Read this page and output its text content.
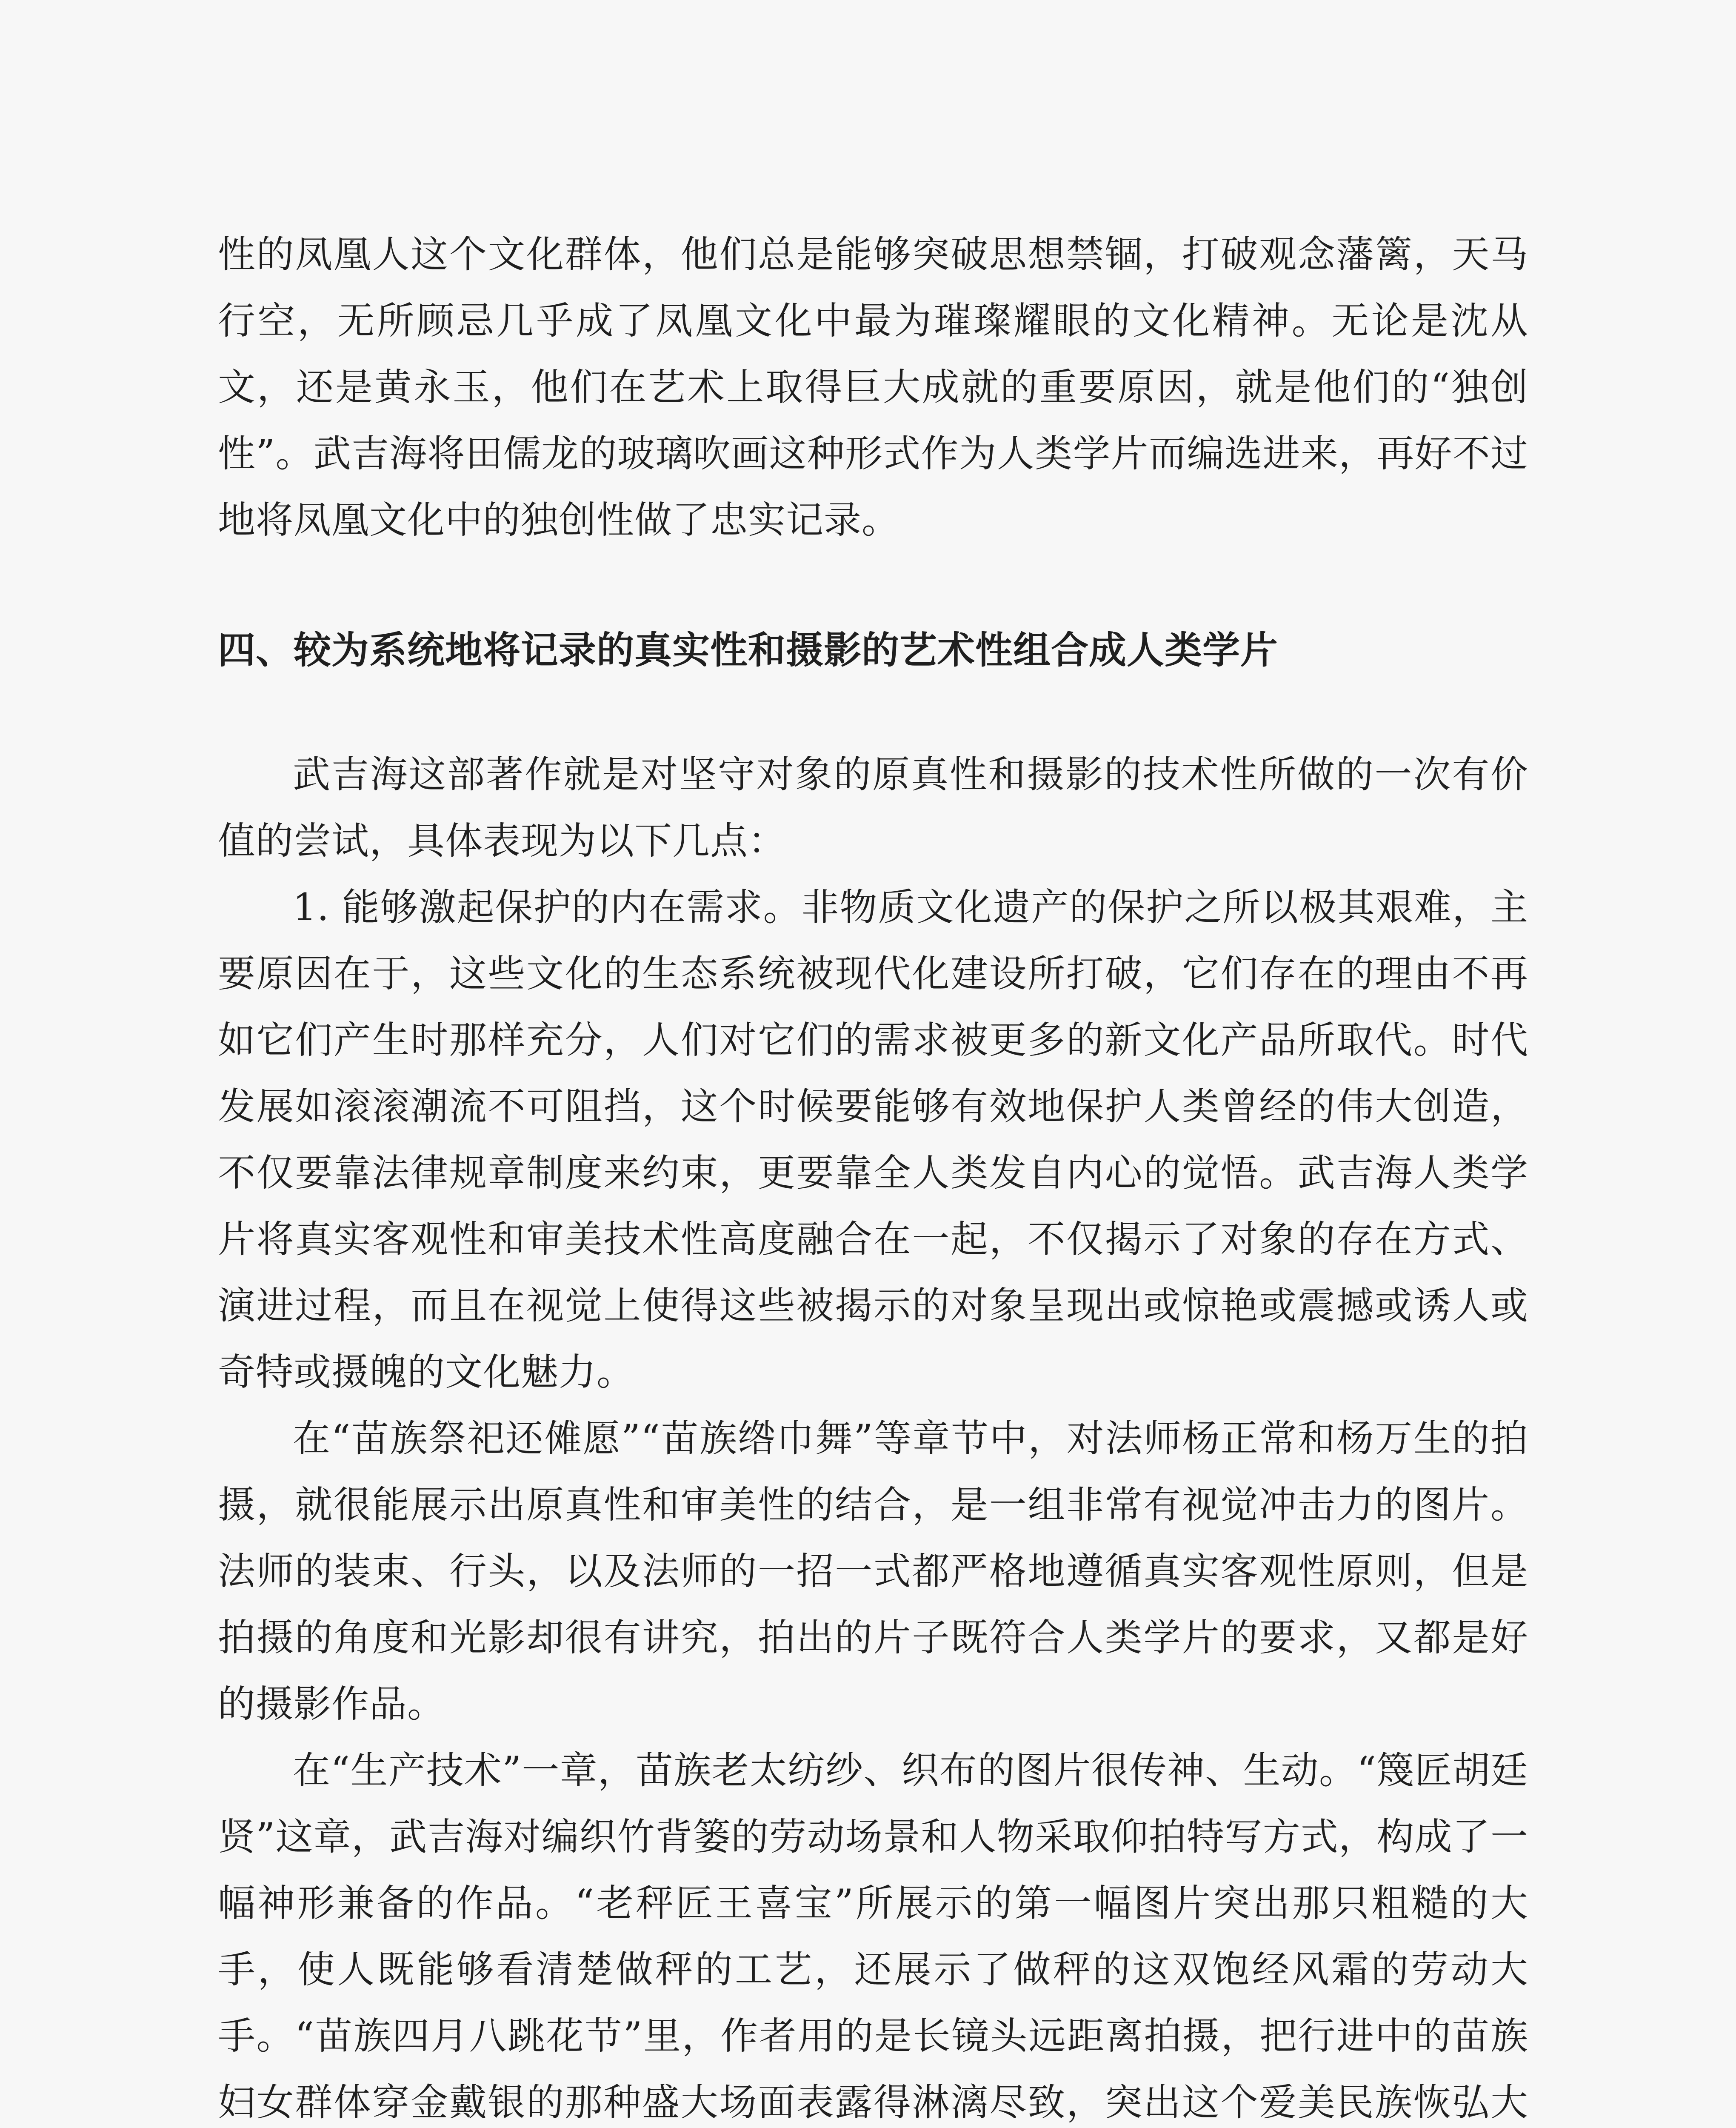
性的凤凰人这个文化群体，他们总是能够突破思想禁锢，打破观念藩篱，天马行空，无所顾忌几乎成了凤凰文化中最为璀璨耀眼的文化精神。无论是沈从文，还是黄永玉，他们在艺术上取得巨大成就的重要原因，就是他们的“独创性”。武吉海将田儒龙的玻璃吹画这种形式作为人类学片而编选进来，再好不过地将凤凰文化中的独创性做了忠实记录。

四、较为系统地将记录的真实性和摄影的艺术性组合成人类学片

武吉海这部著作就是对坚守对象的原真性和摄影的技术性所做的一次有价值的尝试，具体表现为以下几点：

1. 能够激起保护的内在需求。非物质文化遗产的保护之所以极其艰难，主要原因在于，这些文化的生态系统被现代化建设所打破，它们存在的理由不再如它们产生时那样充分，人们对它们的需求被更多的新文化产品所取代。时代发展如滚滚潮流不可阻挡，这个时候要能够有效地保护人类曾经的伟大创造，不仅要靠法律规章制度来约束，更要靠全人类发自内心的觉悟。武吉海人类学片将真实客观性和审美技术性高度融合在一起，不仅揭示了对象的存在方式、演进过程，而且在视觉上使得这些被揭示的对象呈现出或惊艳或震撼或诱人或奇特或摄魄的文化魅力。

在“苗族祭祀还傩愿”“苗族绺巾舞”等章节中，对法师杨正常和杨万生的拍摄，就很能展示出原真性和审美性的结合，是一组非常有视觉冲击力的图片。法师的装束、行头，以及法师的一招一式都严格地遵循真实客观性原则，但是拍摄的角度和光影却很有讲究，拍出的片子既符合人类学片的要求，又都是好的摄影作品。

在“生产技术”一章，苗族老太纺纱、织布的图片很传神、生动。“篾匠胡廷贤”这章，武吉海对编织竹背篓的劳动场景和人物采取仰拍特写方式，构成了一幅神形兼备的作品。“老秤匠王喜宝”所展示的第一幅图片突出那只粗糙的大手，使人既能够看清楚做秤的工艺，还展示了做秤的这双饱经风霜的劳动大手。“苗族四月八跳花节”里，作者用的是长镜头远距离拍摄，把行进中的苗族妇女群体穿金戴银的那种盛大场面表露得淋漓尽致，突出这个爱美民族恢弘大
